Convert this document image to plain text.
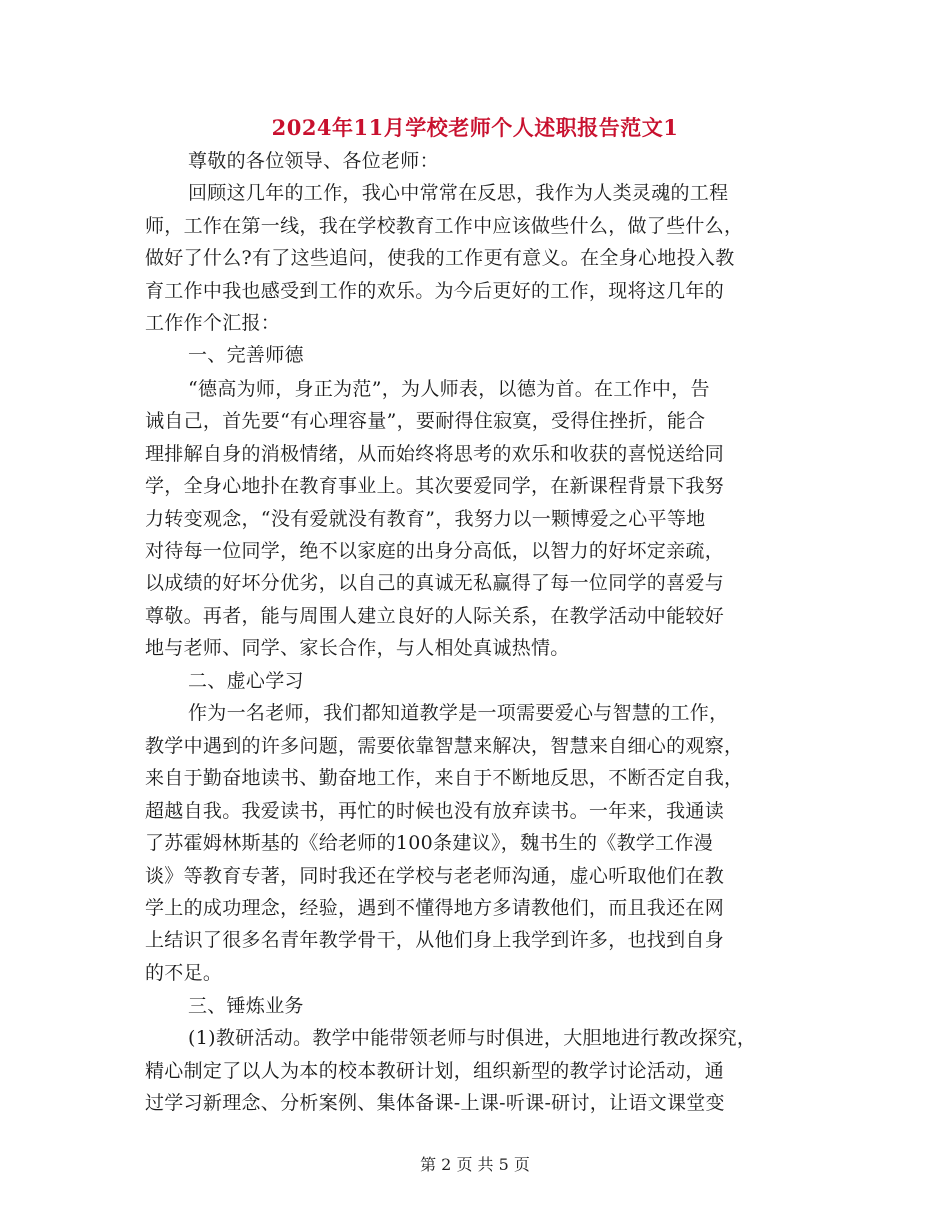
2024年11月学校老师个人述职报告范文1
尊敬的各位领导、各位老师：
回顾这几年的工作，我心中常常在反思，我作为人类灵魂的工程
师，工作在第一线，我在学校教育工作中应该做些什么，做了些什么，
做好了什么?有了这些追问，使我的工作更有意义。在全身心地投入教
育工作中我也感受到工作的欢乐。为今后更好的工作，现将这几年的
工作作个汇报：
一、完善师德
“德高为师，身正为范”，为人师表，以德为首。在工作中，告
诫自己，首先要“有心理容量”，要耐得住寂寞，受得住挫折，能合
理排解自身的消极情绪，从而始终将思考的欢乐和收获的喜悦送给同
学，全身心地扑在教育事业上。其次要爱同学，在新课程背景下我努
力转变观念，“没有爱就没有教育”，我努力以一颗博爱之心平等地
对待每一位同学，绝不以家庭的出身分高低，以智力的好坏定亲疏，
以成绩的好坏分优劣，以自己的真诚无私赢得了每一位同学的喜爱与
尊敬。再者，能与周围人建立良好的人际关系，在教学活动中能较好
地与老师、同学、家长合作，与人相处真诚热情。
二、虚心学习
作为一名老师，我们都知道教学是一项需要爱心与智慧的工作，
教学中遇到的许多问题，需要依靠智慧来解决，智慧来自细心的观察，
来自于勤奋地读书、勤奋地工作，来自于不断地反思，不断否定自我，
超越自我。我爱读书，再忙的时候也没有放弃读书。一年来，我通读
了苏霍姆林斯基的《给老师的100条建议》，魏书生的《教学工作漫
谈》等教育专著，同时我还在学校与老老师沟通，虚心听取他们在教
学上的成功理念，经验，遇到不懂得地方多请教他们，而且我还在网
上结识了很多名青年教学骨干，从他们身上我学到许多，也找到自身
的不足。
三、锤炼业务
(1)教研活动。教学中能带领老师与时俱进，大胆地进行教改探究，
精心制定了以人为本的校本教研计划，组织新型的教学讨论活动，通
过学习新理念、分析案例、集体备课-上课-听课-研讨，让语文课堂变
第 2 页 共 5 页
